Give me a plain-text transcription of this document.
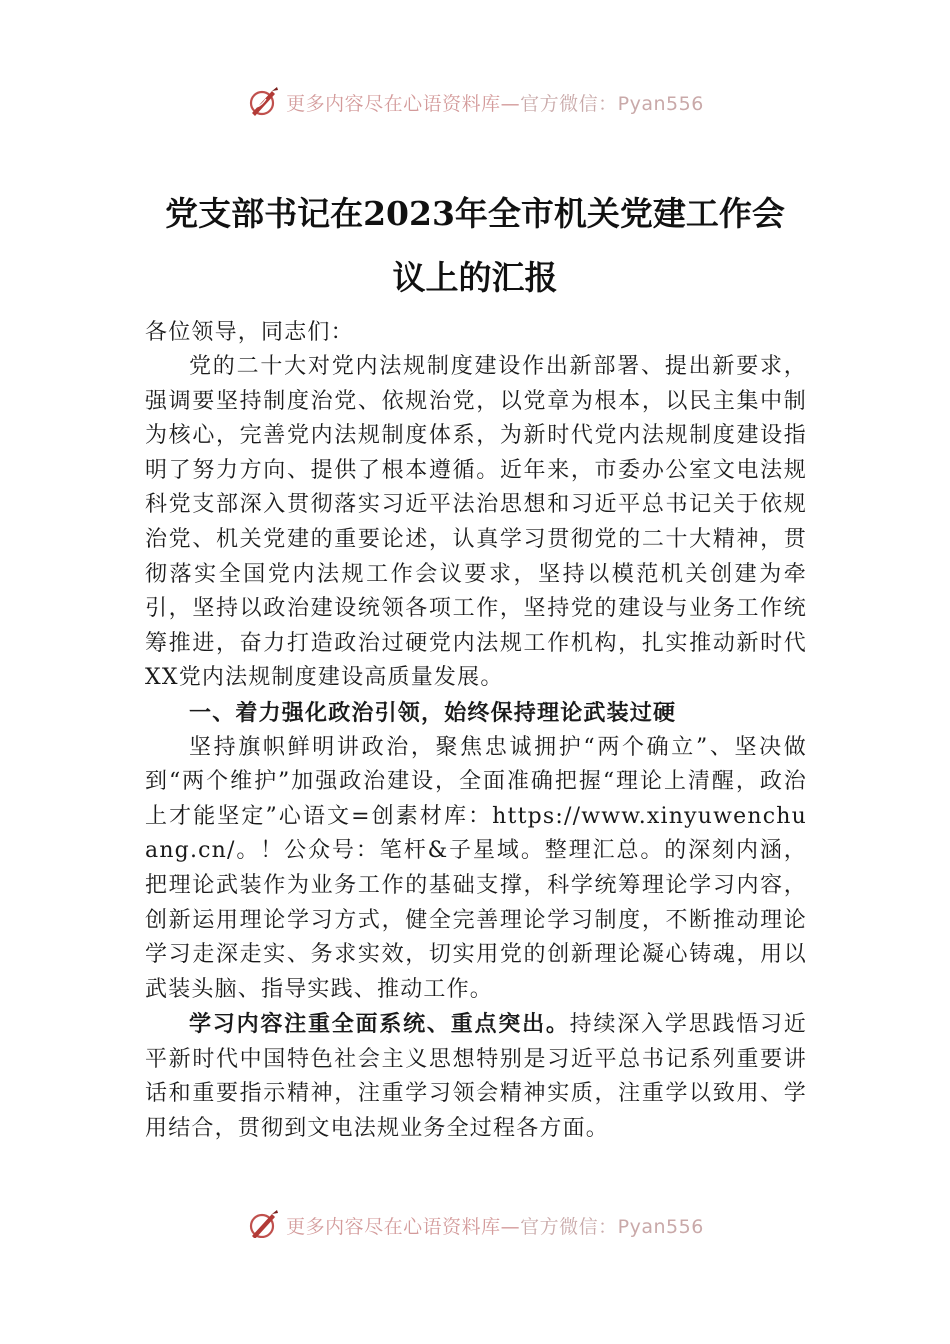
更多内容尽在心语资料库—官方微信：Pyan556
党支部书记在2023年全市机关党建工作会
议上的汇报
各位领导，同志们：

党的二十大对党内法规制度建设作出新部署、提出新要求，强调要坚持制度治党、依规治党，以党章为根本，以民主集中制为核心，完善党内法规制度体系，为新时代党内法规制度建设指明了努力方向、提供了根本遵循。近年来，市委办公室文电法规科党支部深入贯彻落实习近平法治思想和习近平总书记关于依规治党、机关党建的重要论述，认真学习贯彻党的二十大精神，贯彻落实全国党内法规工作会议要求，坚持以模范机关创建为牵引，坚持以政治建设统领各项工作，坚持党的建设与业务工作统筹推进，奋力打造政治过硬党内法规工作机构，扎实推动新时代XX党内法规制度建设高质量发展。

一、着力强化政治引领，始终保持理论武装过硬

坚持旗帜鲜明讲政治，聚焦忠诚拥护“两个确立”、坚决做到“两个维护”加强政治建设，全面准确把握“理论上清醒，政治上才能坚定”心语文=创素材库：https://www.xinyuwenchuang.cn/。！公众号：笔杆&子星域。整理汇总。的深刻内涵，把理论武装作为业务工作的基础支撑，科学统筹理论学习内容，创新运用理论学习方式，健全完善理论学习制度，不断推动理论学习走深走实、务求实效，切实用党的创新理论凝心铸魂，用以武装头脑、指导实践、推动工作。

学习内容注重全面系统、重点突出。持续深入学思践悟习近平新时代中国特色社会主义思想特别是习近平总书记系列重要讲话和重要指示精神，注重学习领会精神实质，注重学以致用、学用结合，贯彻到文电法规业务全过程各方面。

更多内容尽在心语资料库—官方微信：Pyan556
